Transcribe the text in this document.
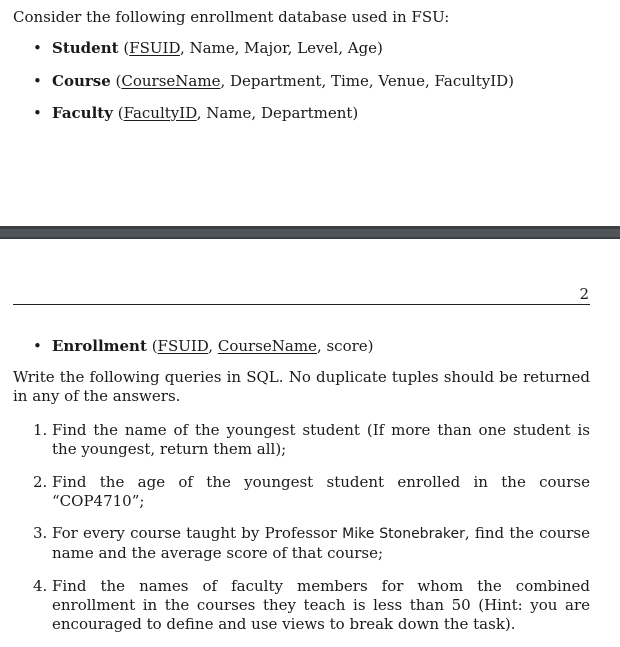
Consider the following enrollment database used in FSU:
• Student (FSUID, Name, Major, Level, Age)
• Course (CourseName, Department, Time, Venue, FacultyID)
• Faculty (FacultyID, Name, Department)
2
• Enrollment (FSUID, CourseName, score)
Write the following queries in SQL. No duplicate tuples should be returned in any of the answers.
1. Find the name of the youngest student (If more than one student is the youngest, return them all);
2. Find the age of the youngest student enrolled in the course “COP4710”;
3. For every course taught by Professor Mike Stonebraker, find the course name and the average score of that course;
4. Find the names of faculty members for whom the combined enrollment in the courses they teach is less than 50 (Hint: you are encouraged to define and use views to break down the task).
